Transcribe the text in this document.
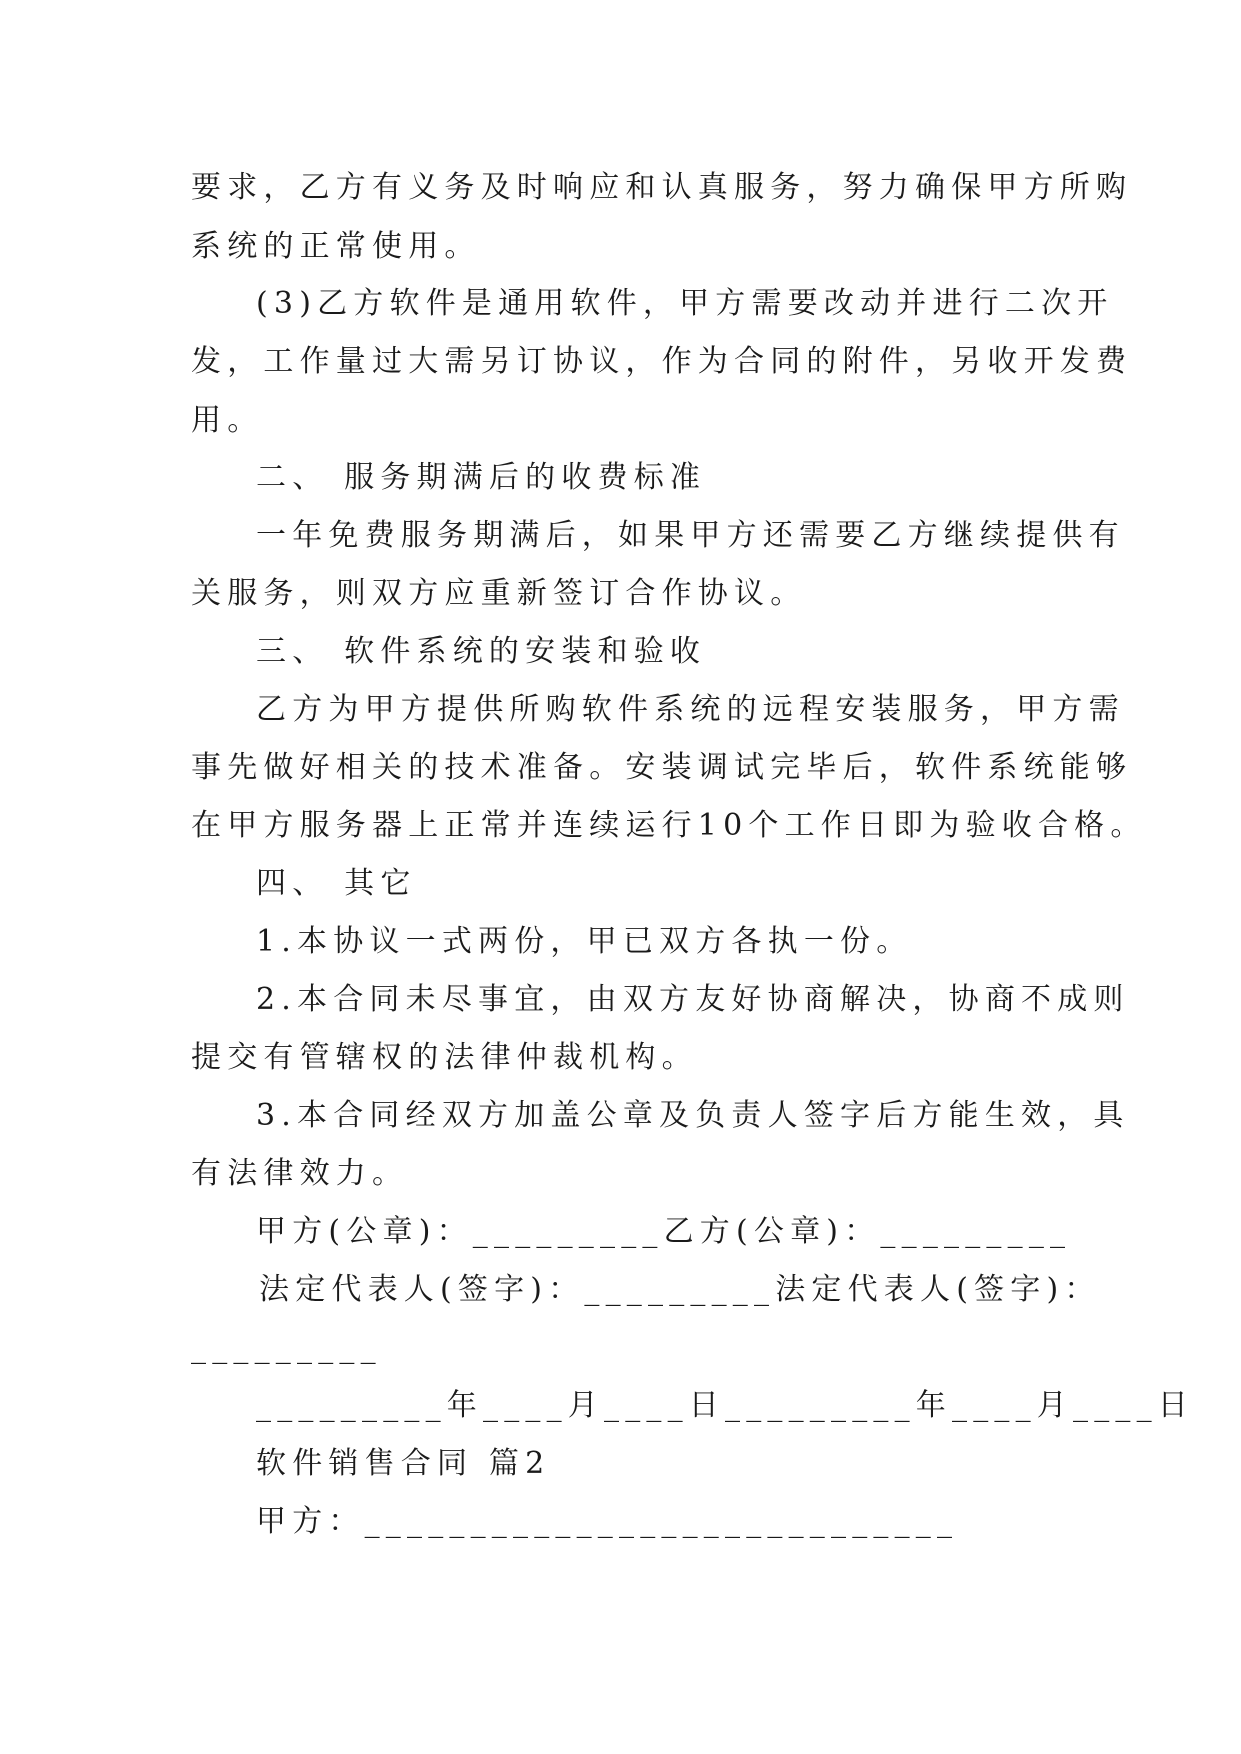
要求，乙方有义务及时响应和认真服务，努力确保甲方所购

系统的正常使用。

(3)乙方软件是通用软件，甲方需要改动并进行二次开

发，工作量过大需另订协议，作为合同的附件，另收开发费

用。

二、 服务期满后的收费标准

一年免费服务期满后，如果甲方还需要乙方继续提供有

关服务，则双方应重新签订合作协议。

三、 软件系统的安装和验收

乙方为甲方提供所购软件系统的远程安装服务，甲方需

事先做好相关的技术准备。安装调试完毕后，软件系统能够

在甲方服务器上正常并连续运行10个工作日即为验收合格。

四、 其它

1.本协议一式两份，甲已双方各执一份。

2.本合同未尽事宜，由双方友好协商解决，协商不成则

提交有管辖权的法律仲裁机构。

3.本合同经双方加盖公章及负责人签字后方能生效，具

有法律效力。

甲方(公章)：_________乙方(公章)：_________

法定代表人(签字)：_________法定代表人(签字)：

_________

_________年____月____日_________年____月____日

软件销售合同 篇2

甲方：____________________________
